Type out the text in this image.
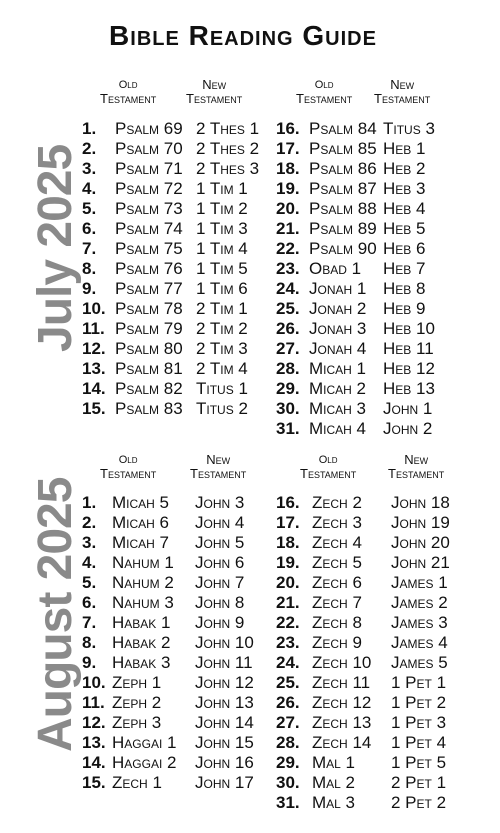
Bible Reading Guide
July 2025
Old
Testament
New
Testament
1. Psalm 69 2 Thes 1
2. Psalm 70 2 Thes 2
3. Psalm 71 2 Thes 3
4. Psalm 72 1 Tim 1
5. Psalm 73 1 Tim 2
6. Psalm 74 1 Tim 3
7. Psalm 75 1 Tim 4
8. Psalm 76 1 Tim 5
9. Psalm 77 1 Tim 6
10. Psalm 78 2 Tim 1
11. Psalm 79 2 Tim 2
12. Psalm 80 2 Tim 3
13. Psalm 81 2 Tim 4
14. Psalm 82 Titus 1
15. Psalm 83 Titus 2
Old
Testament
New
Testament
16. Psalm 84 Titus 3
17. Psalm 85 Heb 1
18. Psalm 86 Heb 2
19. Psalm 87 Heb 3
20. Psalm 88 Heb 4
21. Psalm 89 Heb 5
22. Psalm 90 Heb 6
23. Obad 1 Heb 7
24. Jonah 1 Heb 8
25. Jonah 2 Heb 9
26. Jonah 3 Heb 10
27. Jonah 4 Heb 11
28. Micah 1 Heb 12
29. Micah 2 Heb 13
30. Micah 3 John 1
31. Micah 4 John 2
August 2025
Old
Testament
New
Testament
1. Micah 5 John 3
2. Micah 6 John 4
3. Micah 7 John 5
4. Nahum 1 John 6
5. Nahum 2 John 7
6. Nahum 3 John 8
7. Habak 1 John 9
8. Habak 2 John 10
9. Habak 3 John 11
10. Zeph 1 John 12
11. Zeph 2 John 13
12. Zeph 3 John 14
13. Haggai 1 John 15
14. Haggai 2 John 16
15. Zech 1 John 17
Old
Testament
New
Testament
16. Zech 2 John 18
17. Zech 3 John 19
18. Zech 4 John 20
19. Zech 5 John 21
20. Zech 6 James 1
21. Zech 7 James 2
22. Zech 8 James 3
23. Zech 9 James 4
24. Zech 10 James 5
25. Zech 11 1 Pet 1
26. Zech 12 1 Pet 2
27. Zech 13 1 Pet 3
28. Zech 14 1 Pet 4
29. Mal 1 1 Pet 5
30. Mal 2 2 Pet 1
31. Mal 3 2 Pet 2
